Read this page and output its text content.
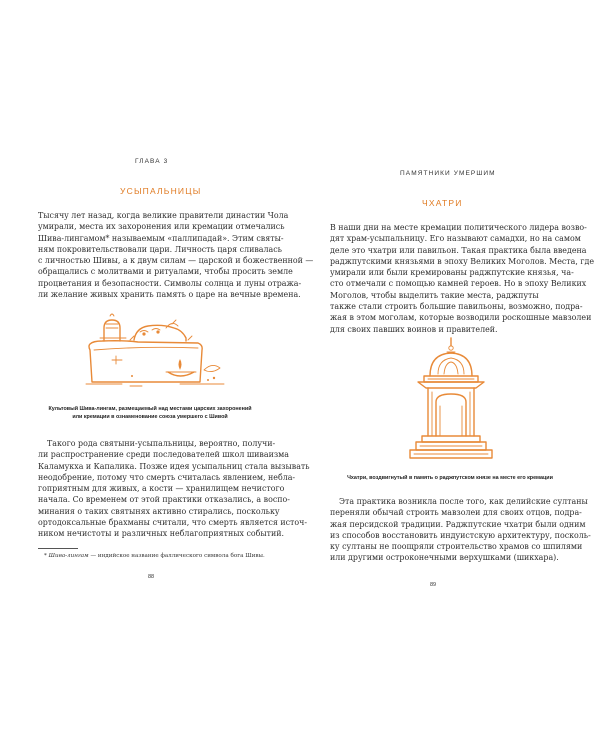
ГЛАВА 3
УСЫПАЛЬНИЦЫ
Тысячу лет назад, когда великие правители династии Чола
умирали, места их захоронения или кремации отмечались
Шива-лингамом* называемым «паллипадай». Этим святы-
ням покровительствовали цари. Личность царя сливалась
с личностью Шивы, а к двум силам — царской и божественной —
обращались с молитвами и ритуалами, чтобы просить земле
процветания и безопасности. Символы солнца и луны отража-
ли желание живых хранить память о царе на вечные времена.
Культовый Шива-лингам, размещаемый над местами царских захоронений
или кремации в ознаменование союза умершего с Шивой
Такого рода святыни-усыпальницы, вероятно, получи-
ли распространение среди последователей школ шиваизма
Каламукха и Капалика. Позже идея усыпальниц стала вызывать
неодобрение, потому что смерть считалась явлением, небла-
гоприятным для живых, а кости — хранилищем нечистого
начала. Со временем от этой практики отказались, а воспо-
минания о таких святынях активно стирались, поскольку
ортодоксальные брахманы считали, что смерть является источ-
ником нечистоты и различных неблагоприятных событий.
* Шива-лингам — индийское название фаллического символа бога Шивы.
88
ПАМЯТНИКИ УМЕРШИМ
ЧХАТРИ
В наши дни на месте кремации политического лидера возво-
дят храм-усыпальницу. Его называют самадхи, но на самом
деле это чхатри или павильон. Такая практика была введена
раджпутскими князьями в эпоху Великих Моголов. Места, где
умирали или были кремированы раджпутские князья, ча-
сто отмечали с помощью камней героев. Но в эпоху Великих
Моголов, чтобы выделить такие места, раджпуты
также стали строить большие павильоны, возможно, подра-
жая в этом моголам, которые возводили роскошные мавзолеи
для своих павших воинов и правителей.
Чхатри, воздвигнутый в память о раджпутском князе на месте его кремации
Эта практика возникла после того, как делийские султаны
переняли обычай строить мавзолеи для своих отцов, подра-
жая персидской традиции. Раджпутские чхатри были одним
из способов восстановить индуистскую архитектуру, посколь-
ку султаны не поощряли строительство храмов со шпилями
или другими остроконечными верхушками (шикхара).
89
